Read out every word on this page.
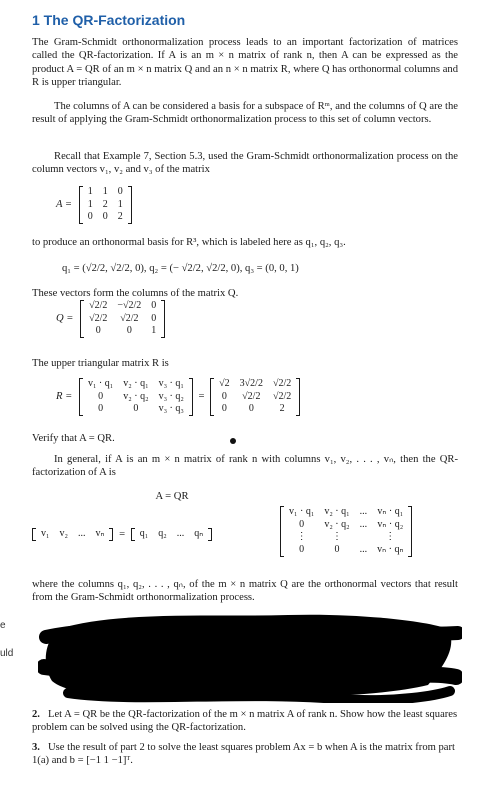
1 The QR-Factorization
The Gram-Schmidt orthonormalization process leads to an important factorization of matrices called the QR-factorization. If A is an m × n matrix of rank n, then A can be expressed as the product A = QR of an m × n matrix Q and an n × n matrix R, where Q has orthonormal columns and R is upper triangular.
The columns of A can be considered a basis for a subspace of Rᵐ, and the columns of Q are the result of applying the Gram-Schmidt orthonormalization process to this set of column vectors.
Recall that Example 7, Section 5.3, used the Gram-Schmidt orthonormalization process on the column vectors v₁, v₂ and v₃ of the matrix
A =
1	1	0
1	2	1
0	0	2
to produce an orthonormal basis for R³, which is labeled here as q₁, q₂, q₃.
q₁ = (√2/2, √2/2, 0), q₂ = (− √2/2, √2/2, 0), q₃ = (0, 0, 1)
These vectors form the columns of the matrix Q.
Q =
√2/2	−√2/2	0
√2/2	√2/2	0
0	0	1
The upper triangular matrix R is
R =
v₁ · q₁	v₂ · q₁	v₃ · q₁
0	v₂ · q₂	v₃ · q₂
0	0	v₃ · q₃
=
√2	3√2/2	√2/2
0	√2/2	√2/2
0	0	2
Verify that A = QR.
In general, if A is an m × n matrix of rank n with columns v₁, v₂, . . . , vₙ, then the QR-factorization of A is
A = QR
v₁	v₂	...	vₙ = q₁	q₂	...	qₙ
v₁ · q₁	v₂ · q₁	...	vₙ · q₁
0	v₂ · q₂	...	vₙ · q₂
⋮	⋮		⋮
0	0	...	vₙ · qₙ
where the columns q₁, q₂, . . . , qₙ, of the m × n matrix Q are the orthonormal vectors that result from the Gram-Schmidt orthonormalization process.
e
uld
2. Let A = QR be the QR-factorization of the m × n matrix A of rank n. Show how the least squares problem can be solved using the QR-factorization.
3. Use the result of part 2 to solve the least squares problem Ax = b when A is the matrix from part 1(a) and b = [−1 1 −1]ᵀ.
